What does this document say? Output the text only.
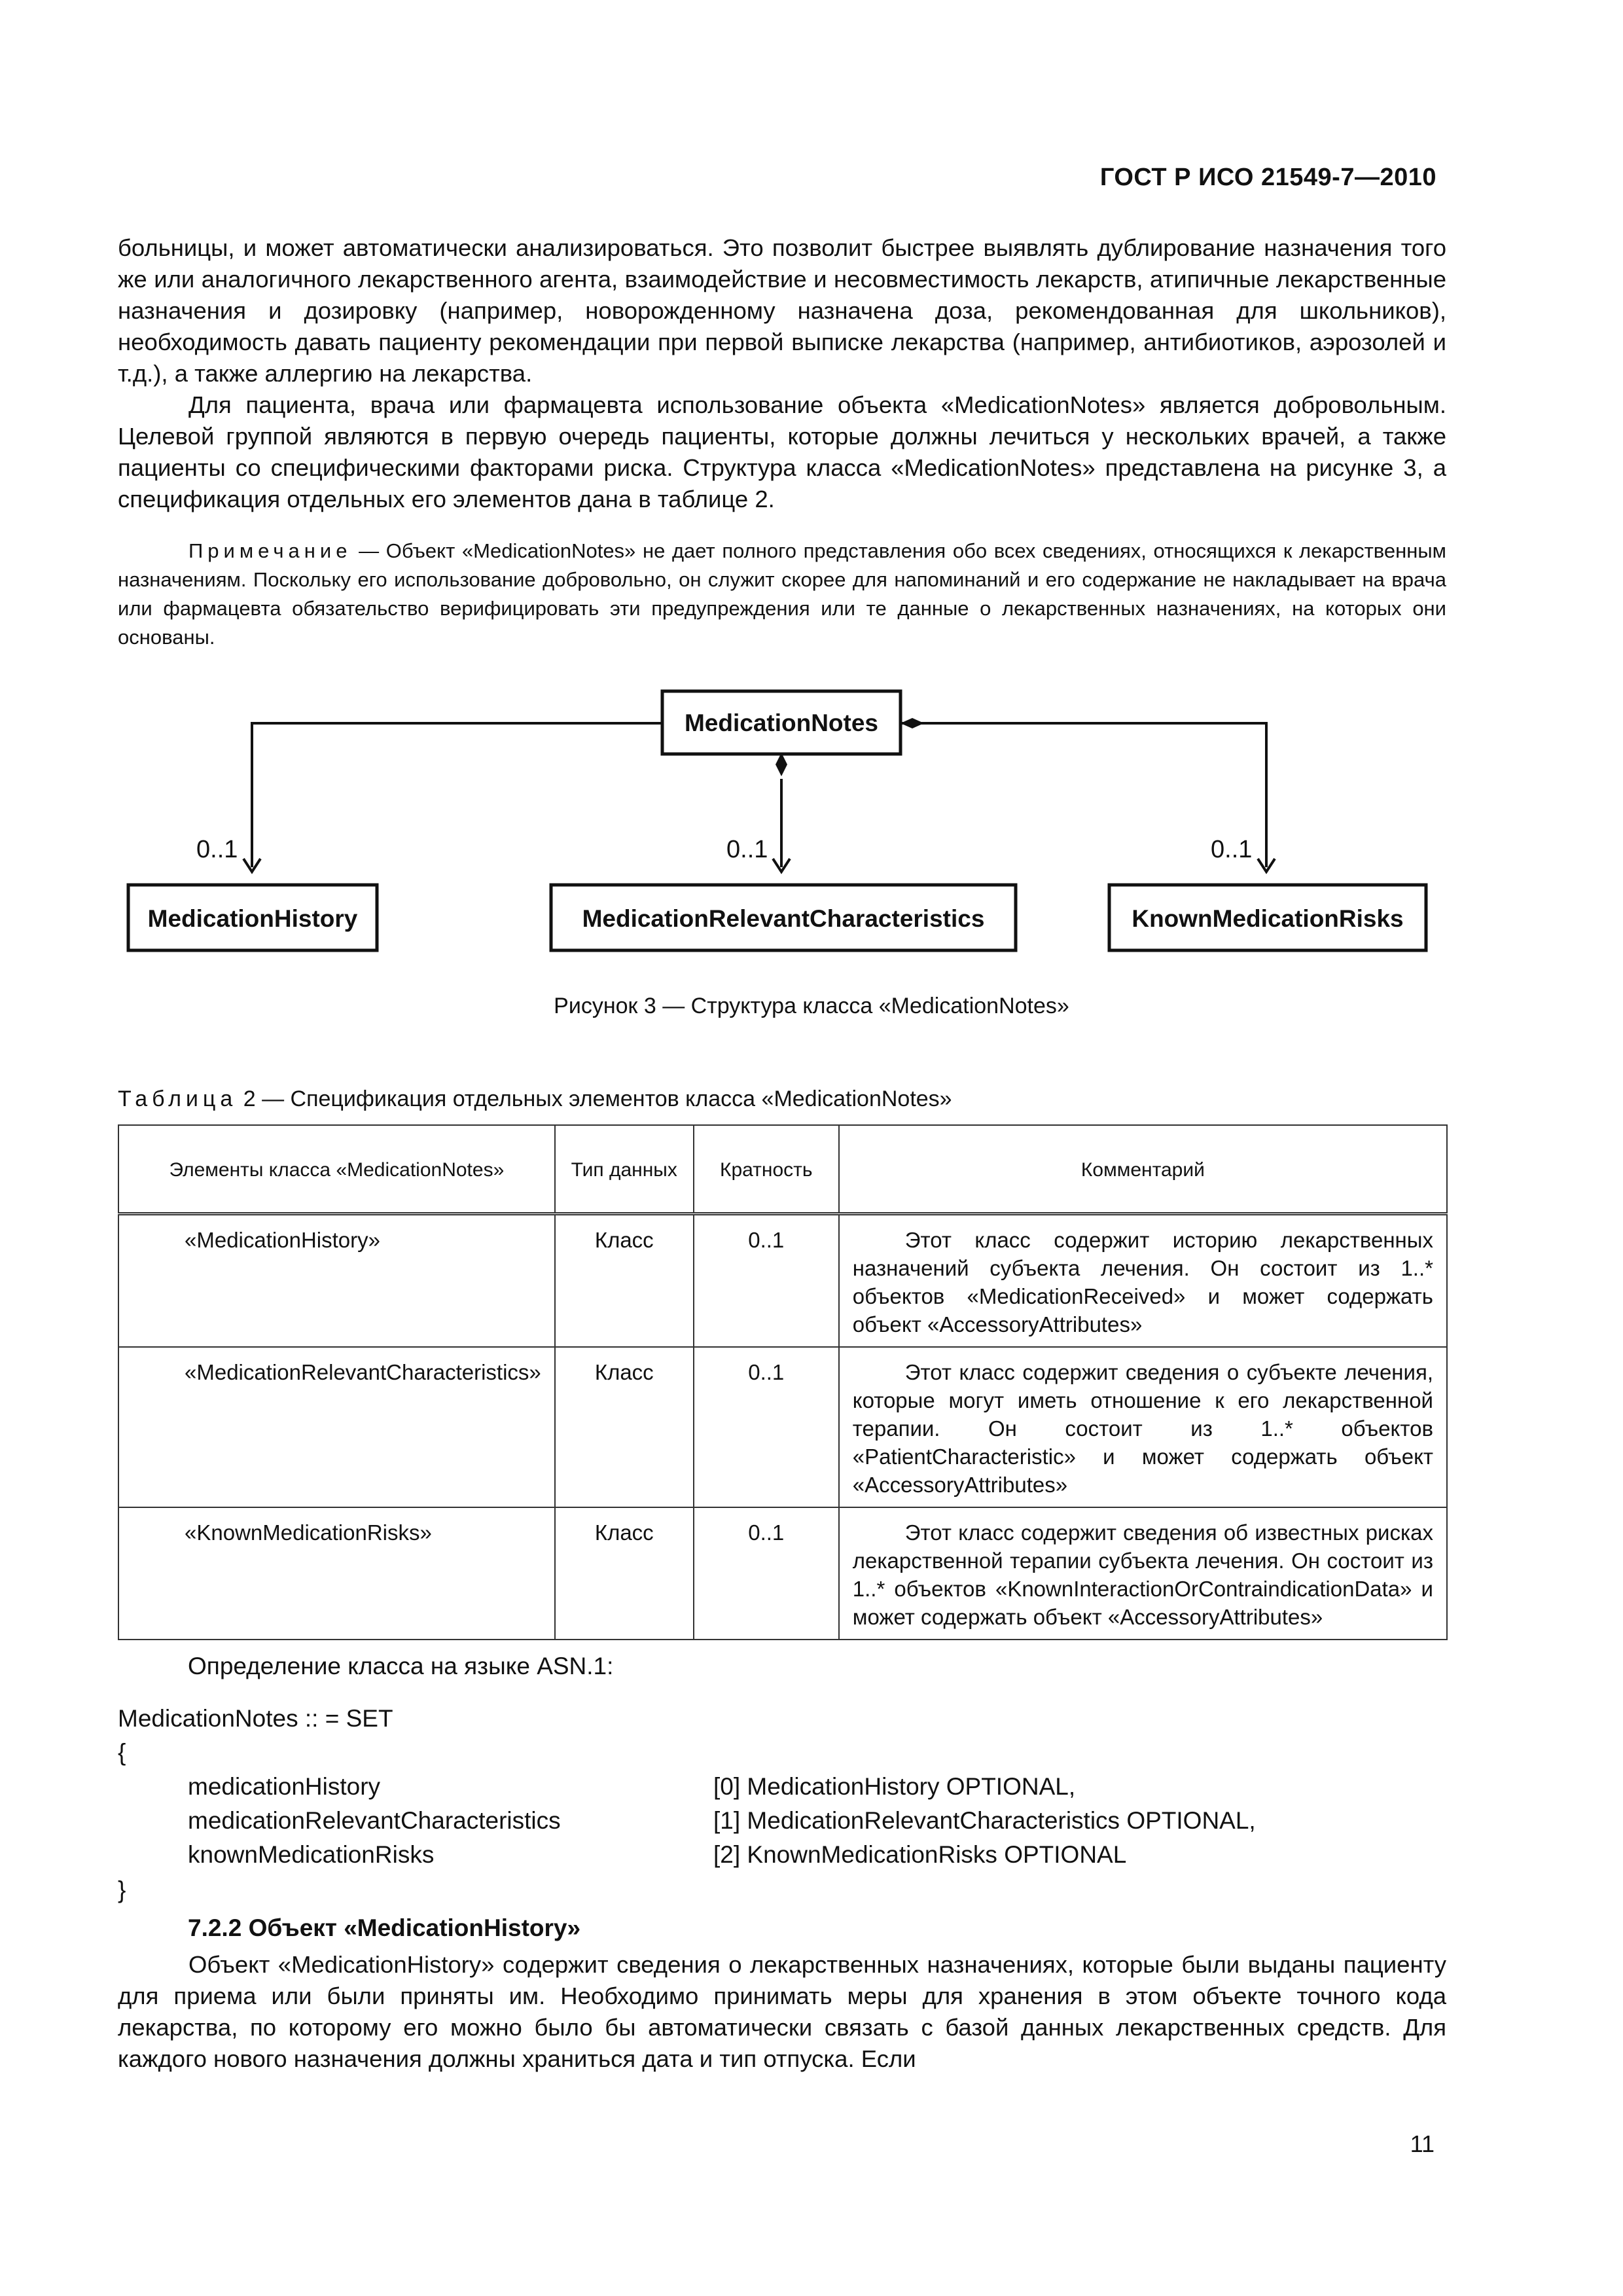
ГОСТ Р ИСО 21549-7—2010

больницы, и может автоматически анализироваться. Это позволит быстрее выявлять дублирование назначения того же или аналогичного лекарственного агента, взаимодействие и несовместимость лекарств, атипичные лекарственные назначения и дозировку (например, новорожденному назначена доза, рекомендованная для школьников), необходимость давать пациенту рекомендации при первой выписке лекарства (например, антибиотиков, аэрозолей и т.д.), а также аллергию на лекарства.

Для пациента, врача или фармацевта использование объекта «MedicationNotes» является добровольным. Целевой группой являются в первую очередь пациенты, которые должны лечиться у нескольких врачей, а также пациенты со специфическими факторами риска. Структура класса «MedicationNotes» представлена на рисунке 3, а спецификация отдельных его элементов дана в таблице 2.

Примечание — Объект «MedicationNotes» не дает полного представления обо всех сведениях, относящихся к лекарственным назначениям. Поскольку его использование добровольно, он служит скорее для напоминаний и его содержание не накладывает на врача или фармацевта обязательство верифицировать эти предупреждения или те данные о лекарственных назначениях, на которых они основаны.

MedicationNotes
MedicationHistory	MedicationRelevantCharacteristics	KnownMedicationRisks
0..1	0..1	0..1
Рисунок 3 — Структура класса «MedicationNotes»
Таблица 2 — Спецификация отдельных элементов класса «MedicationNotes»
Элементы класса «MedicationNotes»	Тип данных	Кратность	Комментарий
«MedicationHistory»	Класс	0..1	Этот класс содержит историю лекарственных назначений субъекта лечения. Он состоит из 1..* объектов «MedicationReceived» и может содержать объект «AccessoryAttributes»
«MedicationRelevantCharacteristics»	Класс	0..1	Этот класс содержит сведения о субъекте лечения, которые могут иметь отношение к его лекарственной терапии. Он состоит из 1..* объектов «PatientCharacteristic» и может содержать объект «AccessoryAttributes»
«KnownMedicationRisks»	Класс	0..1	Этот класс содержит сведения об известных рисках лекарственной терапии субъекта лечения. Он состоит из 1..* объектов «KnownInteractionOrContraindicationData» и может содержать объект «AccessoryAttributes»
Определение класса на языке ASN.1:
MedicationNotes :: = SET
{
medicationHistory	[0] MedicationHistory OPTIONAL,
medicationRelevantCharacteristics	[1] MedicationRelevantCharacteristics OPTIONAL,
knownMedicationRisks	[2] KnownMedicationRisks OPTIONAL
}
7.2.2 Объект «MedicationHistory»

Объект «MedicationHistory» содержит сведения о лекарственных назначениях, которые были выданы пациенту для приема или были приняты им. Необходимо принимать меры для хранения в этом объекте точного кода лекарства, по которому его можно было бы автоматически связать с базой данных лекарственных средств. Для каждого нового назначения должны храниться дата и тип отпуска. Если

11
